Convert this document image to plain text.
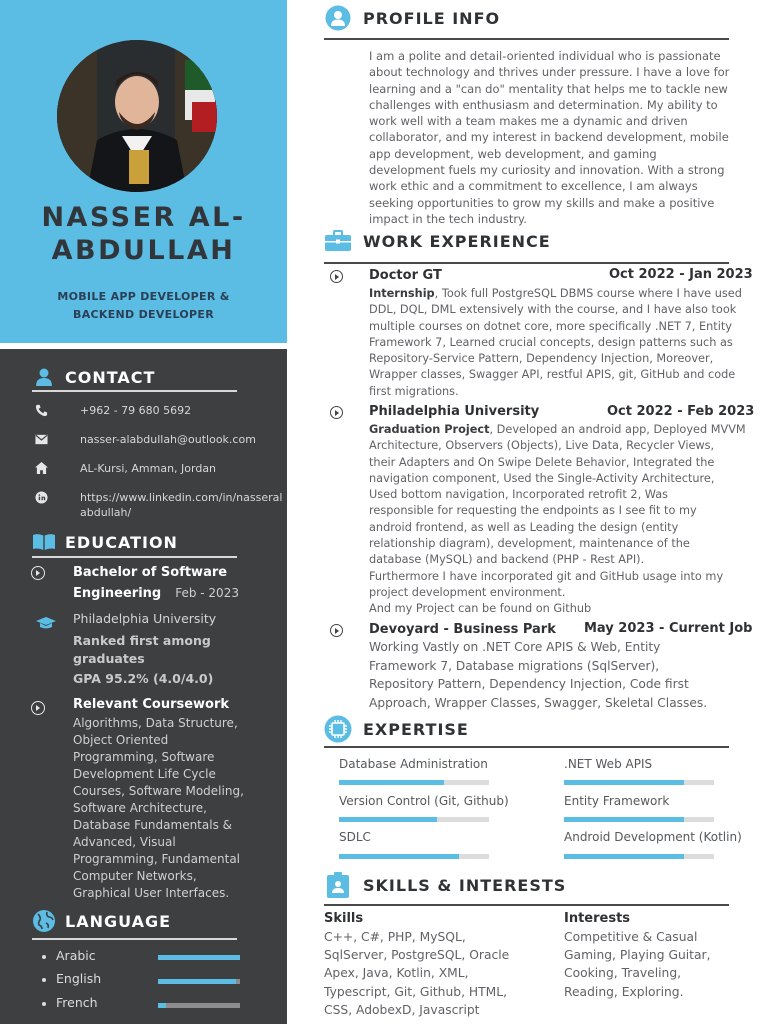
NASSER AL-
ABDULLAH
MOBILE APP DEVELOPER &
BACKEND DEVELOPER
CONTACT
+962 - 79 680 5692
nasser-alabdullah@outlook.com
AL-Kursi, Amman, Jordan
https://www.linkedin.com/in/nasseralabdullah/
EDUCATION
Bachelor of Software
Engineering Feb - 2023
Philadelphia University
Ranked first among
graduates
GPA 95.2% (4.0/4.0)
Relevant Coursework
Algorithms, Data Structure,
Object Oriented
Programming, Software
Development Life Cycle
Courses, Software Modeling,
Software Architecture,
Database Fundamentals &
Advanced, Visual
Programming, Fundamental
Computer Networks,
Graphical User Interfaces.
LANGUAGE
Arabic
English
French
PROFILE INFO
I am a polite and detail-oriented individual who is passionate
about technology and thrives under pressure. I have a love for
learning and a "can do" mentality that helps me to tackle new
challenges with enthusiasm and determination. My ability to
work well with a team makes me a dynamic and driven
collaborator, and my interest in backend development, mobile
app development, web development, and gaming
development fuels my curiosity and innovation. With a strong
work ethic and a commitment to excellence, I am always
seeking opportunities to grow my skills and make a positive
impact in the tech industry.
WORK EXPERIENCE
Doctor GT	Oct 2022 - Jan 2023
Internship, Took full PostgreSQL DBMS course where I have used
DDL, DQL, DML extensively with the course, and I have also took
multiple courses on dotnet core, more specifically .NET 7, Entity
Framework 7, Learned crucial concepts, design patterns such as
Repository-Service Pattern, Dependency Injection, Moreover,
Wrapper classes, Swagger API, restful APIS, git, GitHub and code
first migrations.
Philadelphia University	Oct 2022 - Feb 2023
Graduation Project, Developed an android app, Deployed MVVM
Architecture, Observers (Objects), Live Data, Recycler Views,
their Adapters and On Swipe Delete Behavior, Integrated the
navigation component, Used the Single-Activity Architecture,
Used bottom navigation, Incorporated retrofit 2, Was
responsible for requesting the endpoints as I see fit to my
android frontend, as well as Leading the design (entity
relationship diagram), development, maintenance of the
database (MySQL) and backend (PHP - Rest API).
Furthermore I have incorporated git and GitHub usage into my
project development environment.
And my Project can be found on Github
Devoyard - Business Park May 2023 - Current Job
Working Vastly on .NET Core APIS & Web, Entity
Framework 7, Database migrations (SqlServer),
Repository Pattern, Dependency Injection, Code first
Approach, Wrapper Classes, Swagger, Skeletal Classes.
EXPERTISE
Database Administration	.NET Web APIS
Version Control (Git, Github)	Entity Framework
SDLC	Android Development (Kotlin)
SKILLS & INTERESTS
Skills
C++, C#, PHP, MySQL,
SqlServer, PostgreSQL, Oracle
Apex, Java, Kotlin, XML,
Typescript, Git, Github, HTML,
CSS, AdobexD, Javascript
Interests
Competitive & Casual
Gaming, Playing Guitar,
Cooking, Traveling,
Reading, Exploring.
